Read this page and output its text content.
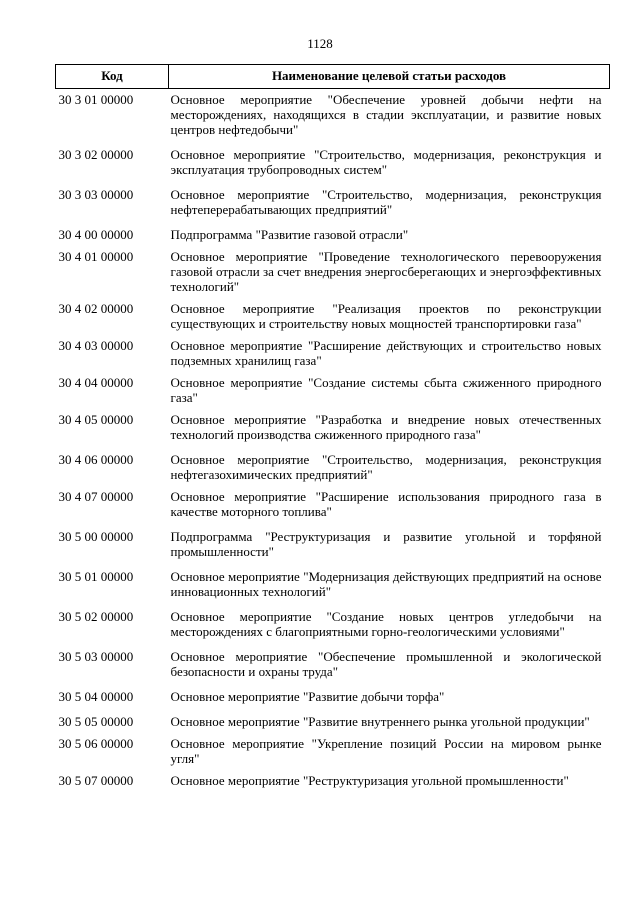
1128
Код	Наименование целевой статьи расходов
30 3 01 00000	Основное мероприятие "Обеспечение уровней добычи нефти на месторождениях, находящихся в стадии эксплуатации, и развитие новых центров нефтедобычи"
30 3 02 00000	Основное мероприятие "Строительство, модернизация, реконструкция и эксплуатация трубопроводных систем"
30 3 03 00000	Основное мероприятие "Строительство, модернизация, реконструкция нефтеперерабатывающих предприятий"
30 4 00 00000	Подпрограмма "Развитие газовой отрасли"
30 4 01 00000	Основное мероприятие "Проведение технологического перевооружения газовой отрасли за счет внедрения энергосберегающих и энергоэффективных технологий"
30 4 02 00000	Основное мероприятие "Реализация проектов по реконструкции существующих и строительству новых мощностей транспортировки газа"
30 4 03 00000	Основное мероприятие "Расширение действующих и строительство новых подземных хранилищ газа"
30 4 04 00000	Основное мероприятие "Создание системы сбыта сжиженного природного газа"
30 4 05 00000	Основное мероприятие "Разработка и внедрение новых отечественных технологий производства сжиженного природного газа"
30 4 06 00000	Основное мероприятие "Строительство, модернизация, реконструкция нефтегазохимических предприятий"
30 4 07 00000	Основное мероприятие "Расширение использования природного газа в качестве моторного топлива"
30 5 00 00000	Подпрограмма "Реструктуризация и развитие угольной и торфяной промышленности"
30 5 01 00000	Основное мероприятие "Модернизация действующих предприятий на основе инновационных технологий"
30 5 02 00000	Основное мероприятие "Создание новых центров угледобычи на месторождениях с благоприятными горно-геологическими условиями"
30 5 03 00000	Основное мероприятие "Обеспечение промышленной и экологической безопасности и охраны труда"
30 5 04 00000	Основное мероприятие "Развитие добычи торфа"
30 5 05 00000	Основное мероприятие "Развитие внутреннего рынка угольной продукции"
30 5 06 00000	Основное мероприятие "Укрепление позиций России на мировом рынке угля"
30 5 07 00000	Основное мероприятие "Реструктуризация угольной промышленности"
